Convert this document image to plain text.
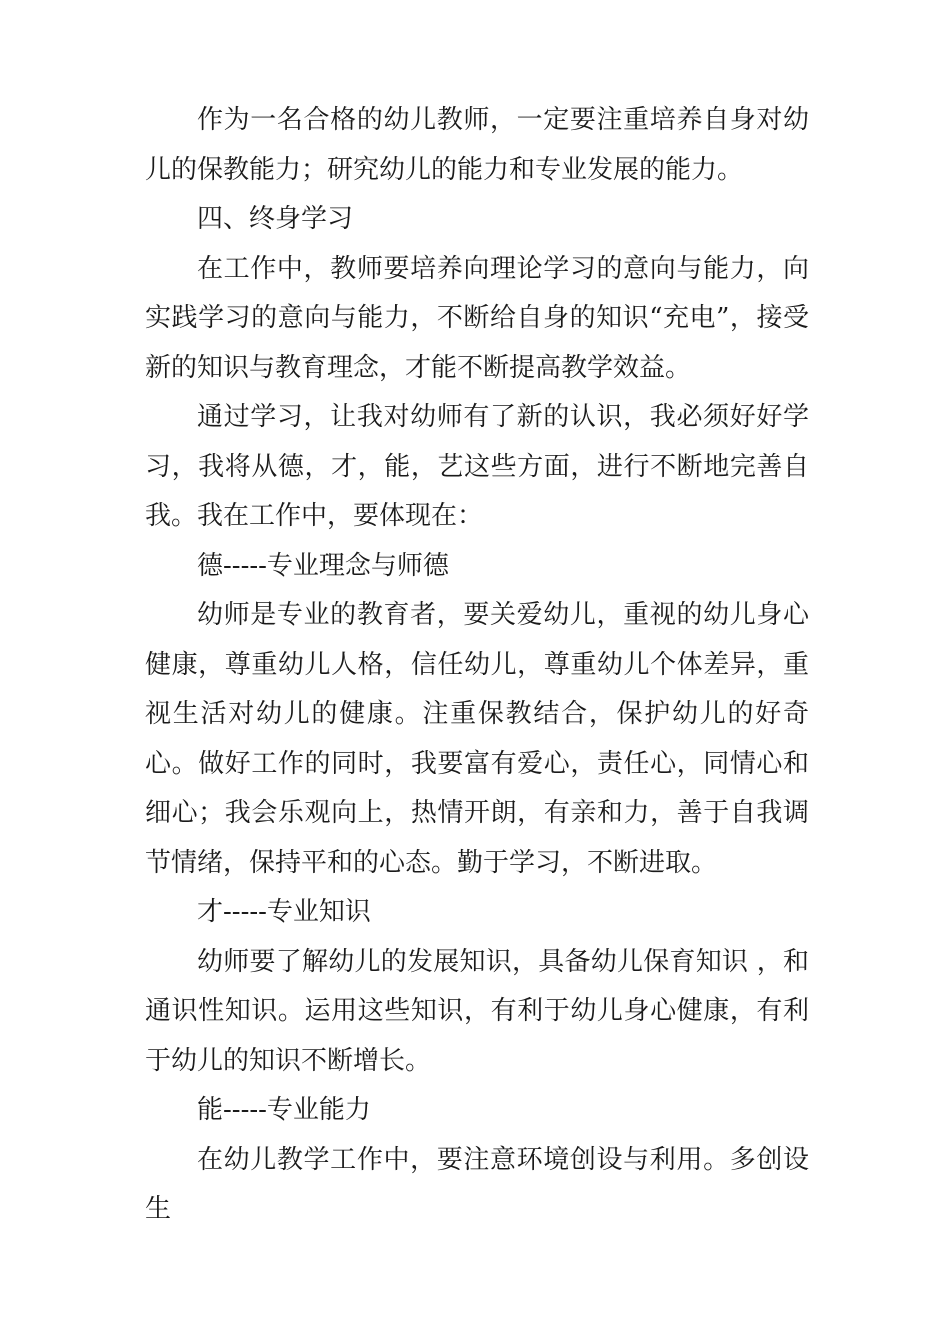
作为一名合格的幼儿教师，一定要注重培养自身对幼儿的保教能力；研究幼儿的能力和专业发展的能力。

四、终身学习

在工作中，教师要培养向理论学习的意向与能力，向实践学习的意向与能力，不断给自身的知识“充电”，接受新的知识与教育理念，才能不断提高教学效益。

通过学习，让我对幼师有了新的认识，我必须好好学习，我将从德，才，能，艺这些方面，进行不断地完善自我。我在工作中，要体现在：

德-----专业理念与师德

幼师是专业的教育者，要关爱幼儿，重视的幼儿身心健康，尊重幼儿人格，信任幼儿，尊重幼儿个体差异，重视生活对幼儿的健康。注重保教结合，保护幼儿的好奇心。做好工作的同时，我要富有爱心，责任心，同情心和细心；我会乐观向上，热情开朗，有亲和力，善于自我调节情绪，保持平和的心态。勤于学习，不断进取。

才-----专业知识

幼师要了解幼儿的发展知识，具备幼儿保育知识 ，和通识性知识。运用这些知识，有利于幼儿身心健康，有利于幼儿的知识不断增长。

能-----专业能力

在幼儿教学工作中，要注意环境创设与利用。多创设生
